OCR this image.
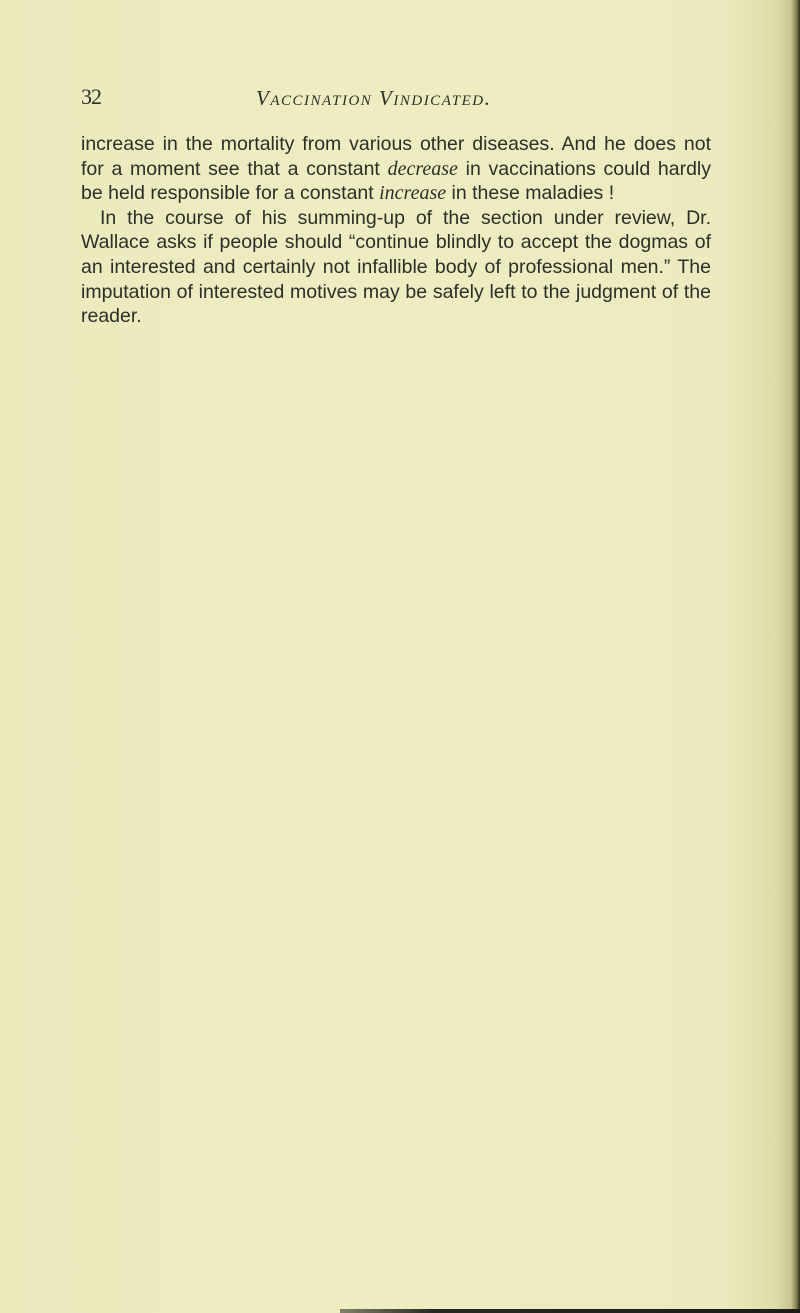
32	Vaccination Vindicated.

increase in the mortality from various other diseases. And he does not for a moment see that a constant decrease in vaccinations could hardly be held responsible for a constant increase in these maladies !

In the course of his summing-up of the section under review, Dr. Wallace asks if people should “continue blindly to accept the dogmas of an interested and certainly not infallible body of professional men.” The imputation of interested motives may be safely left to the judgment of the reader.
